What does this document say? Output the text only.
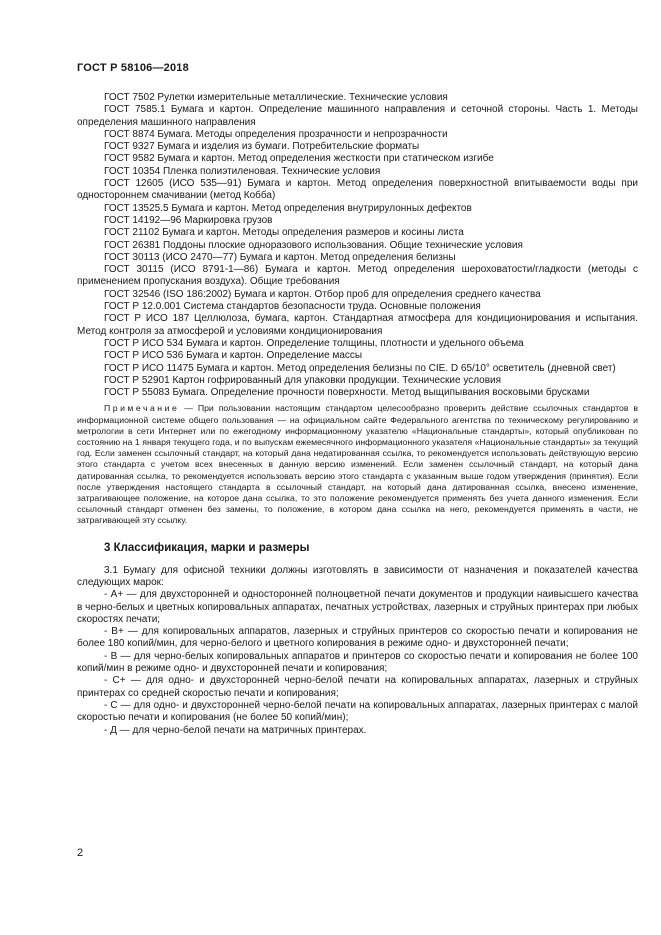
ГОСТ Р 58106—2018

ГОСТ 7502 Рулетки измерительные металлические. Технические условия

ГОСТ 7585.1 Бумага и картон. Определение машинного направления и сеточной стороны. Часть 1. Методы определения машинного направления

ГОСТ 8874 Бумага. Методы определения прозрачности и непрозрачности

ГОСТ 9327 Бумага и изделия из бумаги. Потребительские форматы

ГОСТ 9582 Бумага и картон. Метод определения жесткости при статическом изгибе

ГОСТ 10354 Пленка полиэтиленовая. Технические условия

ГОСТ 12605 (ИСО 535—91) Бумага и картон. Метод определения поверхностной впитываемости воды при одностороннем смачивании (метод Кобба)

ГОСТ 13525.5 Бумага и картон. Метод определения внутрирулонных дефектов

ГОСТ 14192—96 Маркировка грузов

ГОСТ 21102 Бумага и картон. Методы определения размеров и косины листа

ГОСТ 26381 Поддоны плоские одноразового использования. Общие технические условия

ГОСТ 30113 (ИСО 2470—77) Бумага и картон. Метод определения белизны

ГОСТ 30115 (ИСО 8791-1—86) Бумага и картон. Метод определения шероховатости/гладкости (методы с применением пропускания воздуха). Общие требования

ГОСТ 32546 (ISO 186:2002) Бумага и картон. Отбор проб для определения среднего качества

ГОСТ Р 12.0.001 Система стандартов безопасности труда. Основные положения

ГОСТ Р ИСО 187 Целлюлоза, бумага, картон. Стандартная атмосфера для кондиционирования и испытания. Метод контроля за атмосферой и условиями кондиционирования

ГОСТ Р ИСО 534 Бумага и картон. Определение толщины, плотности и удельного объема

ГОСТ Р ИСО 536 Бумага и картон. Определение массы

ГОСТ Р ИСО 11475 Бумага и картон. Метод определения белизны по CIE. D 65/10° осветитель (дневной свет)

ГОСТ Р 52901 Картон гофрированный для упаковки продукции. Технические условия

ГОСТ Р 55083 Бумага. Определение прочности поверхности. Метод выщипывания восковыми брусками

Примечание — При пользовании настоящим стандартом целесообразно проверить действие ссылочных стандартов в информационной системе общего пользования — на официальном сайте Федерального агентства по техническому регулированию и метрологии в сети Интернет или по ежегодному информационному указателю «Национальные стандарты», который опубликован по состоянию на 1 января текущего года, и по выпускам ежемесячного информационного указателя «Национальные стандарты» за текущий год. Если заменен ссылочный стандарт, на который дана недатированная ссылка, то рекомендуется использовать действующую версию этого стандарта с учетом всех внесенных в данную версию изменений. Если заменен ссылочный стандарт, на который дана датированная ссылка, то рекомендуется использовать версию этого стандарта с указанным выше годом утверждения (принятия). Если после утверждения настоящего стандарта в ссылочный стандарт, на который дана датированная ссылка, внесено изменение, затрагивающее положение, на которое дана ссылка, то это положение рекомендуется применять без учета данного изменения. Если ссылочный стандарт отменен без замены, то положение, в котором дана ссылка на него, рекомендуется применять в части, не затрагивающей эту ссылку.

3 Классификация, марки и размеры

3.1 Бумагу для офисной техники должны изготовлять в зависимости от назначения и показателей качества следующих марок:

- А+ — для двухсторонней и односторонней полноцветной печати документов и продукции наивысшего качества в черно-белых и цветных копировальных аппаратах, печатных устройствах, лазерных и струйных принтерах при любых скоростях печати;

- В+ — для копировальных аппаратов, лазерных и струйных принтеров со скоростью печати и копирования не более 180 копий/мин, для черно-белого и цветного копирования в режиме одно- и двухсторонней печати;

- В — для черно-белых копировальных аппаратов и принтеров со скоростью печати и копирования не более 100 копий/мин в режиме одно- и двухсторонней печати и копирования;

- С+ — для одно- и двухсторонней черно-белой печати на копировальных аппаратах, лазерных и струйных принтерах со средней скоростью печати и копирования;

- С — для одно- и двухсторонней черно-белой печати на копировальных аппаратах, лазерных принтерах с малой скоростью печати и копирования (не более 50 копий/мин);

- Д — для черно-белой печати на матричных принтерах.

2
